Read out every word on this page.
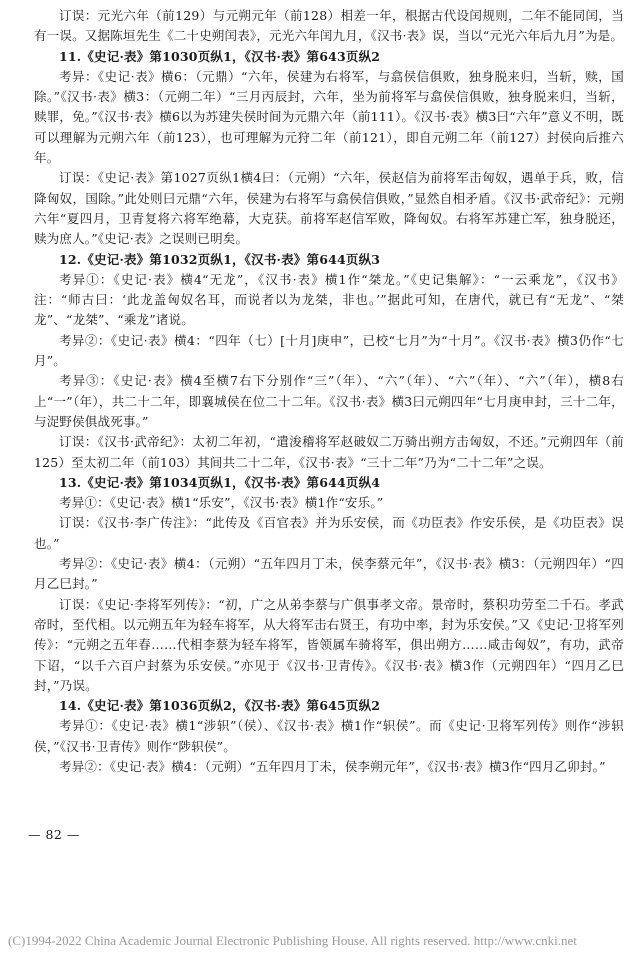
订误：元光六年（前129）与元朔元年（前128）相差一年，根据古代设闰规则，二年不能同闰，当有一误。又据陈垣先生《二十史朔闰表》，元光六年闰九月，《汉书·表》误，当以“元光六年后九月”为是。

11.《史记·表》第1030页纵1，《汉书·表》第643页纵2

考异：《史记·表》横6：（元鼎）“六年，侯建为右将军，与翕侯信俱败，独身脱来归，当斩，赎，国除。”《汉书·表》横3：（元朔二年）“三月丙辰封，六年，坐为前将军与翕侯信俱败，独身脱来归，当斩，赎罪，免。”《汉书·表》横6以为苏建失侯时间为元鼎六年（前111）。《汉书·表》横3曰“六年”意义不明，既可以理解为元朔六年（前123），也可理解为元狩二年（前121），即自元朔二年（前127）封侯向后推六年。

订误：《史记·表》第1027页纵1横4曰：（元朔）“六年，侯赵信为前将军击匈奴，遇单于兵，败，信降匈奴，国除。”此处则曰元鼎“六年，侯建为右将军与翕侯信俱败，”显然自相矛盾。《汉书·武帝纪》：元朔六年“夏四月，卫青复将六将军绝幕，大克获。前将军赵信军败，降匈奴。右将军苏建亡军，独身脱还，赎为庶人。”《史记·表》之误则已明矣。

12.《史记·表》第1032页纵1，《汉书·表》第644页纵3

考异①：《史记·表》横4“无龙”，《汉书·表》横1作“桀龙。”《史记集解》：“一云乘龙”，《汉书》注：“师古曰：‘此龙盖匈奴名耳，而说者以为龙桀，非也。’”据此可知，在唐代，就已有“无龙”、“桀龙”、“龙桀”、“乘龙”诸说。

考异②：《史记·表》横4：“四年（七）[十月]庚申”，已校“七月”为“十月”。《汉书·表》横3仍作“七月”。

考异③：《史记·表》横4至横7右下分别作“三”（年）、“六”（年）、“六”（年）、“六”（年），横8右上“一”（年），共二十二年，即襄城侯在位二十二年。《汉书·表》横3曰元朔四年“七月庚申封，三十二年，与浞野侯俱战死事。”

订误：《汉书·武帝纪》：太初二年初，“遣浚稽将军赵破奴二万骑出朔方击匈奴，不还。”元朔四年（前125）至太初二年（前103）其间共二十二年，《汉书·表》“三十二年”乃为“二十二年”之误。

13.《史记·表》第1034页纵1，《汉书·表》第644页纵4

考异①：《史记·表》横1“乐安”，《汉书·表》横1作“安乐。”

订误：《汉书·李广传注》：“此传及《百官表》并为乐安侯，而《功臣表》作安乐侯，是《功臣表》误也。”

考异②：《史记·表》横4：（元朔）“五年四月丁未，侯李蔡元年”，《汉书·表》横3：（元朔四年）“四月乙巳封。”

订误：《史记·李将军列传》：“初，广之从弟李蔡与广俱事孝文帝。景帝时，蔡积功劳至二千石。孝武帝时，至代相。以元朔五年为轻车将军，从大将军击右贤王，有功中率，封为乐安侯。”又《史记·卫将军列传》：“元朔之五年春……代相李蔡为轻车将军，皆领属车骑将军，俱出朔方……咸击匈奴”，有功，武帝下诏，“以千六百户封蔡为乐安侯。”亦见于《汉书·卫青传》。《汉书·表》横3作（元朔四年）“四月乙巳封，”乃误。

14.《史记·表》第1036页纵2，《汉书·表》第645页纵2

考异①：《史记·表》横1“涉轵”（侯）、《汉书·表》横1作“轵侯”。而《史记·卫将军列传》则作“涉轵侯，”《汉书·卫青传》则作“陟轵侯”。

考异②：《史记·表》横4：（元朔）“五年四月丁未，侯李朔元年”，《汉书·表》横3作“四月乙卯封。”

— 82 —
(C)1994-2022 China Academic Journal Electronic Publishing House. All rights reserved. http://www.cnki.net
